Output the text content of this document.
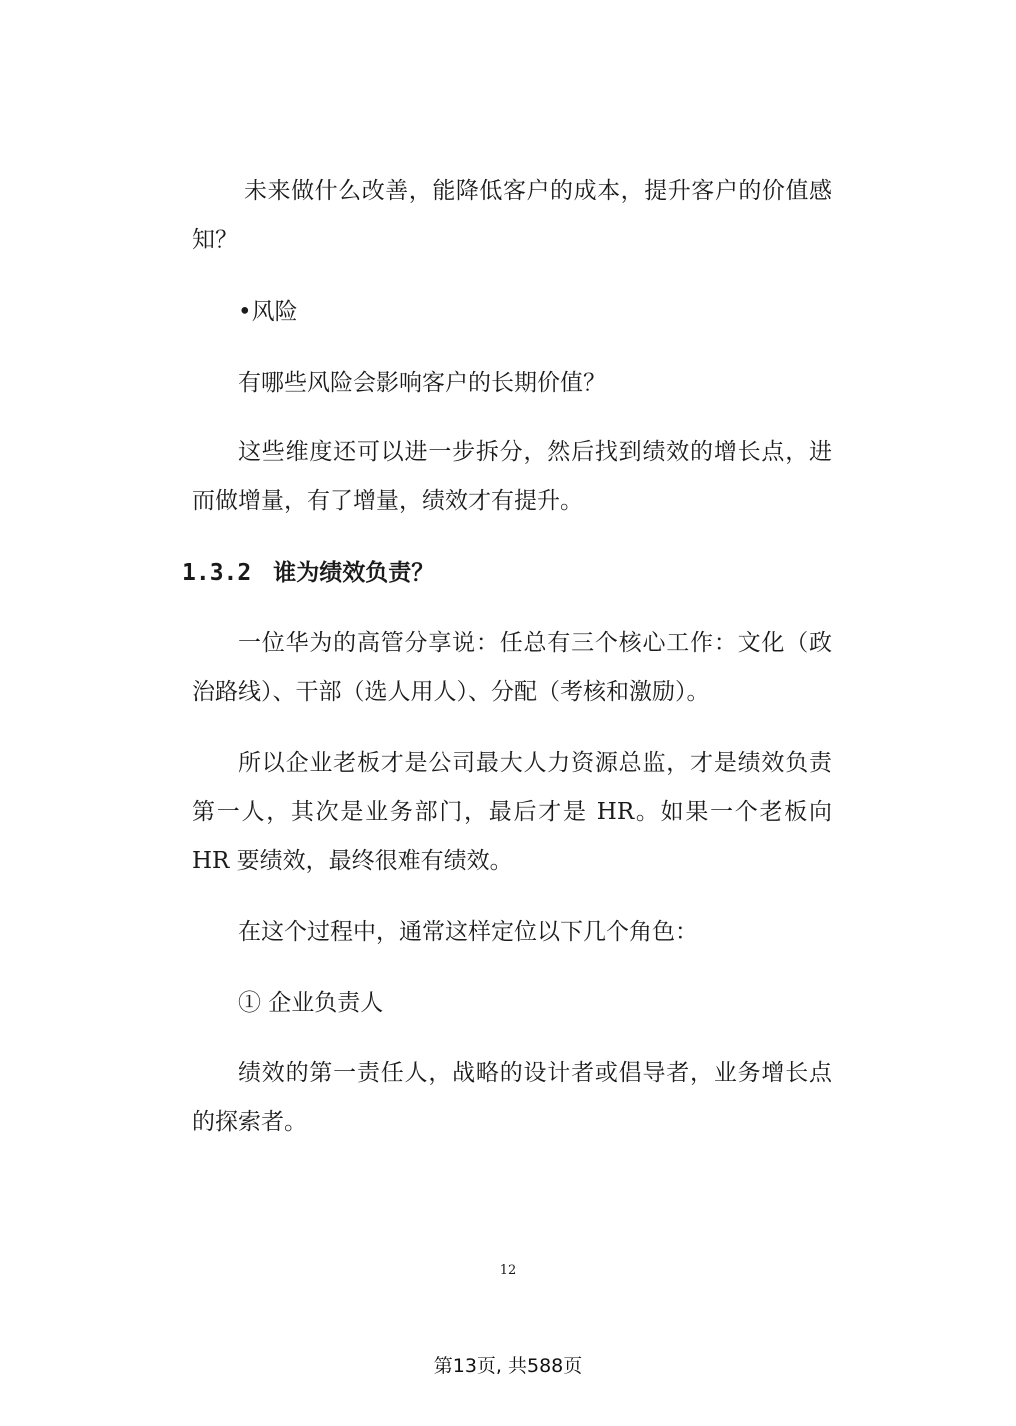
未来做什么改善，能降低客户的成本，提升客户的价值感知？

•风险

有哪些风险会影响客户的长期价值？

这些维度还可以进一步拆分，然后找到绩效的增长点，进而做增量，有了增量，绩效才有提升。

1.3.2 谁为绩效负责？

一位华为的高管分享说：任总有三个核心工作：文化（政治路线）、干部（选人用人）、分配（考核和激励）。

所以企业老板才是公司最大人力资源总监，才是绩效负责第一人，其次是业务部门，最后才是 HR。如果一个老板向 HR 要绩效，最终很难有绩效。

在这个过程中，通常这样定位以下几个角色：

① 企业负责人

绩效的第一责任人，战略的设计者或倡导者，业务增长点的探索者。

12
第13页, 共588页
